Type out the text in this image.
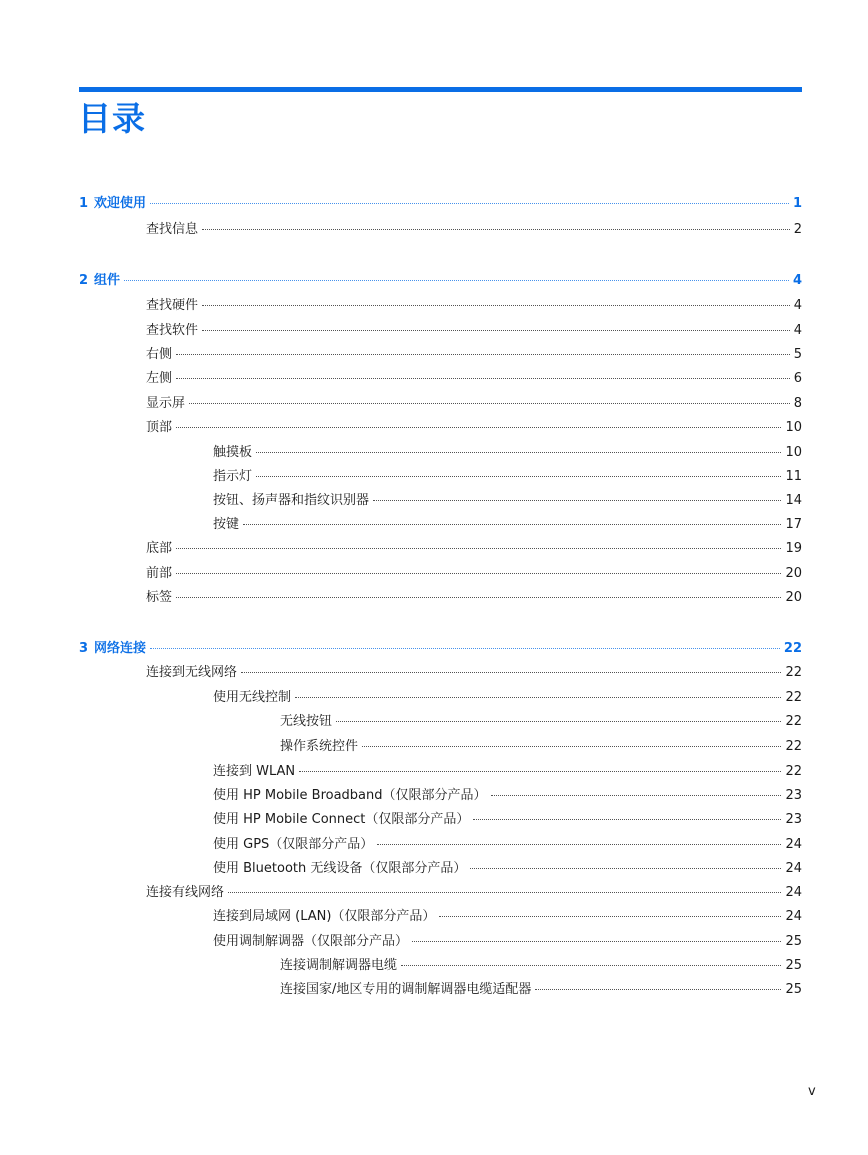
目录
1 欢迎使用	1
查找信息	2
2 组件	4
查找硬件	4
查找软件	4
右侧	5
左侧	6
显示屏	8
顶部	10
触摸板	10
指示灯	11
按钮、扬声器和指纹识别器	14
按键	17
底部	19
前部	20
标签	20
3 网络连接	22
连接到无线网络	22
使用无线控制	22
无线按钮	22
操作系统控件	22
连接到 WLAN	22
使用 HP Mobile Broadband（仅限部分产品）	23
使用 HP Mobile Connect（仅限部分产品）	23
使用 GPS（仅限部分产品）	24
使用 Bluetooth 无线设备（仅限部分产品）	24
连接有线网络	24
连接到局域网 (LAN)（仅限部分产品）	24
使用调制解调器（仅限部分产品）	25
连接调制解调器电缆	25
连接国家/地区专用的调制解调器电缆适配器	25
v
